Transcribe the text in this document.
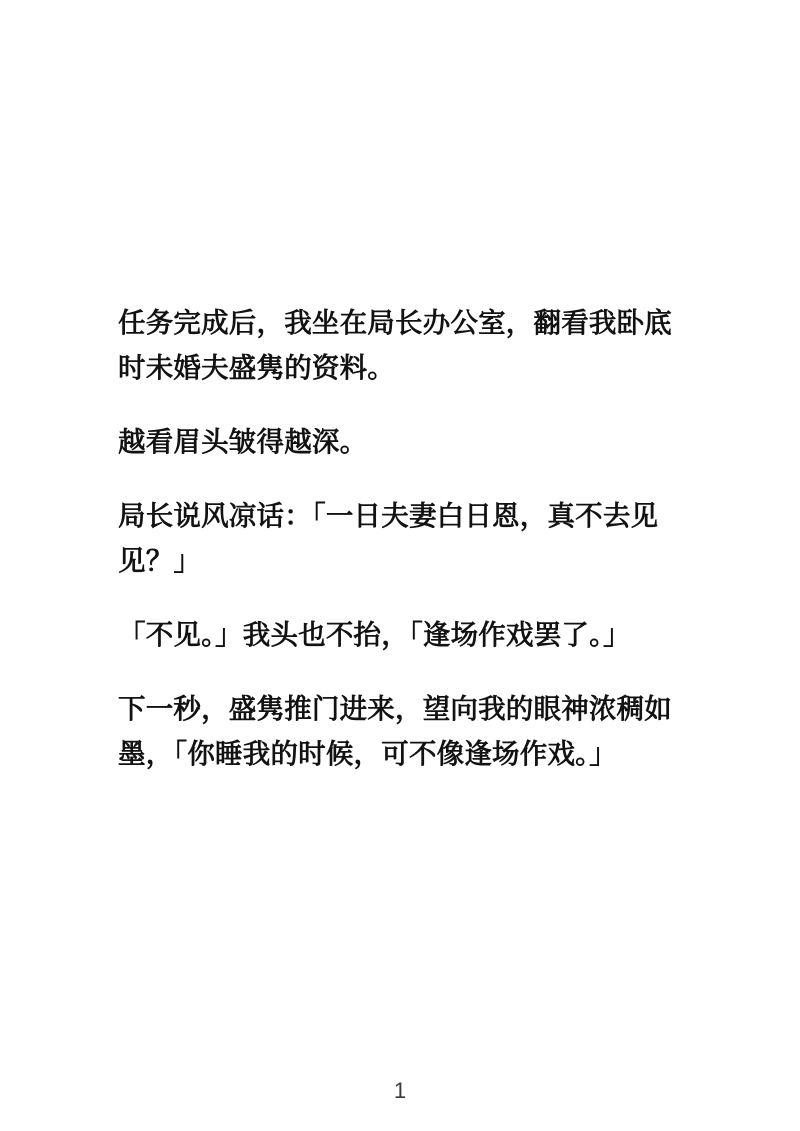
任务完成后，我坐在局长办公室，翻看我卧底时未婚夫盛隽的资料。

越看眉头皱得越深。

局长说风凉话：「一日夫妻白日恩，真不去见见？」

「不见。」我头也不抬，「逢场作戏罢了。」

下一秒，盛隽推门进来，望向我的眼神浓稠如墨，「你睡我的时候，可不像逢场作戏。」

1
